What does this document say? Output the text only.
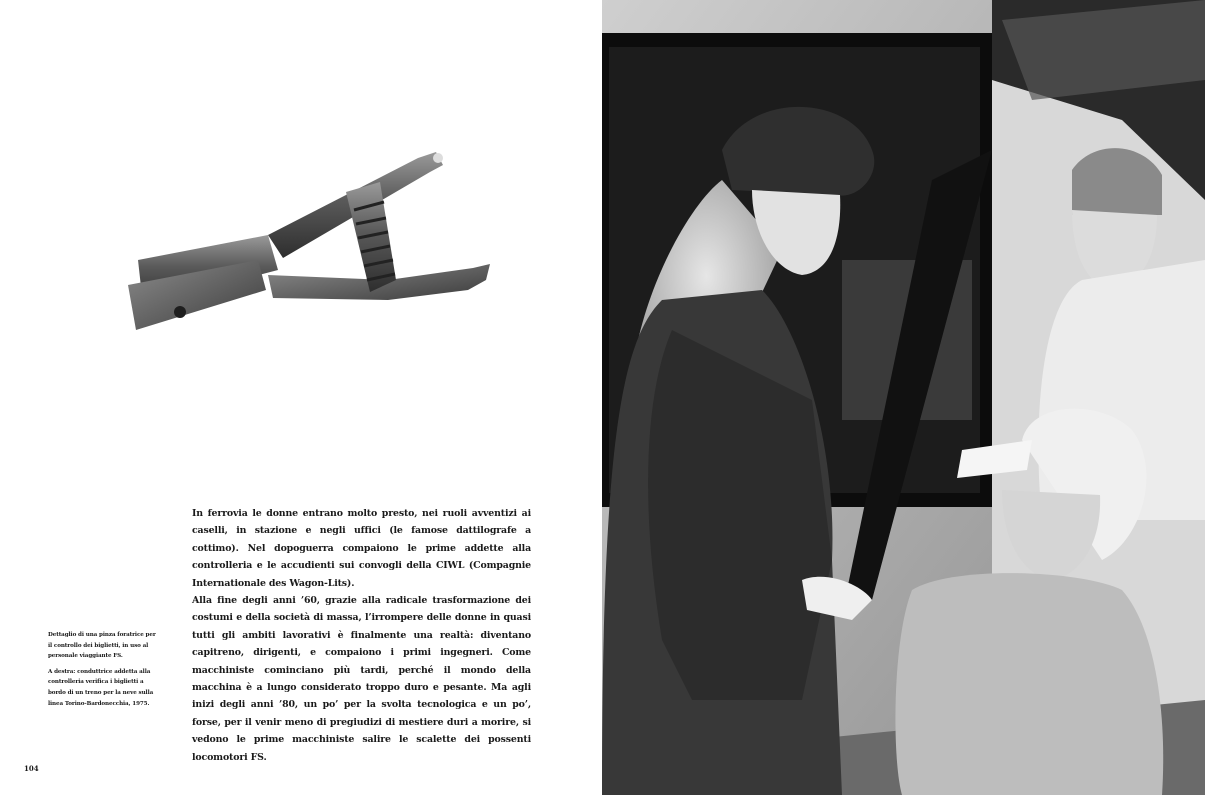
In ferrovia le donne entrano molto presto, nei ruoli avventizi ai caselli, in stazione e negli uffici (le famose dattilografe a cottimo). Nel dopoguerra compaiono le prime addette alla controlleria e le accudienti sui convogli della CIWL (Compagnie Internationale des Wagon-Lits).

Alla fine degli anni ’60, grazie alla radicale trasformazione dei costumi e della società di massa, l’irrompere delle donne in quasi tutti gli ambiti lavorativi è finalmente una realtà: diventano capitreno, dirigenti, e compaiono i primi ingegneri. Come macchiniste cominciano più tardi, perché il mondo della macchina è a lungo considerato troppo duro e pesante. Ma agli inizi degli anni ’80, un po’ per la svolta tecnologica e un po’, forse, per il venir meno di pregiudizi di mestiere duri a morire, si vedono le prime macchiniste salire le scalette dei possenti locomotori FS.

Dettaglio di una pinza foratrice per il controllo dei biglietti, in uso al personale viaggiante FS.

A destra: conduttrice addetta alla controlleria verifica i biglietti a bordo di un treno per la neve sulla linea Torino-Bardonecchia, 1975.

104
